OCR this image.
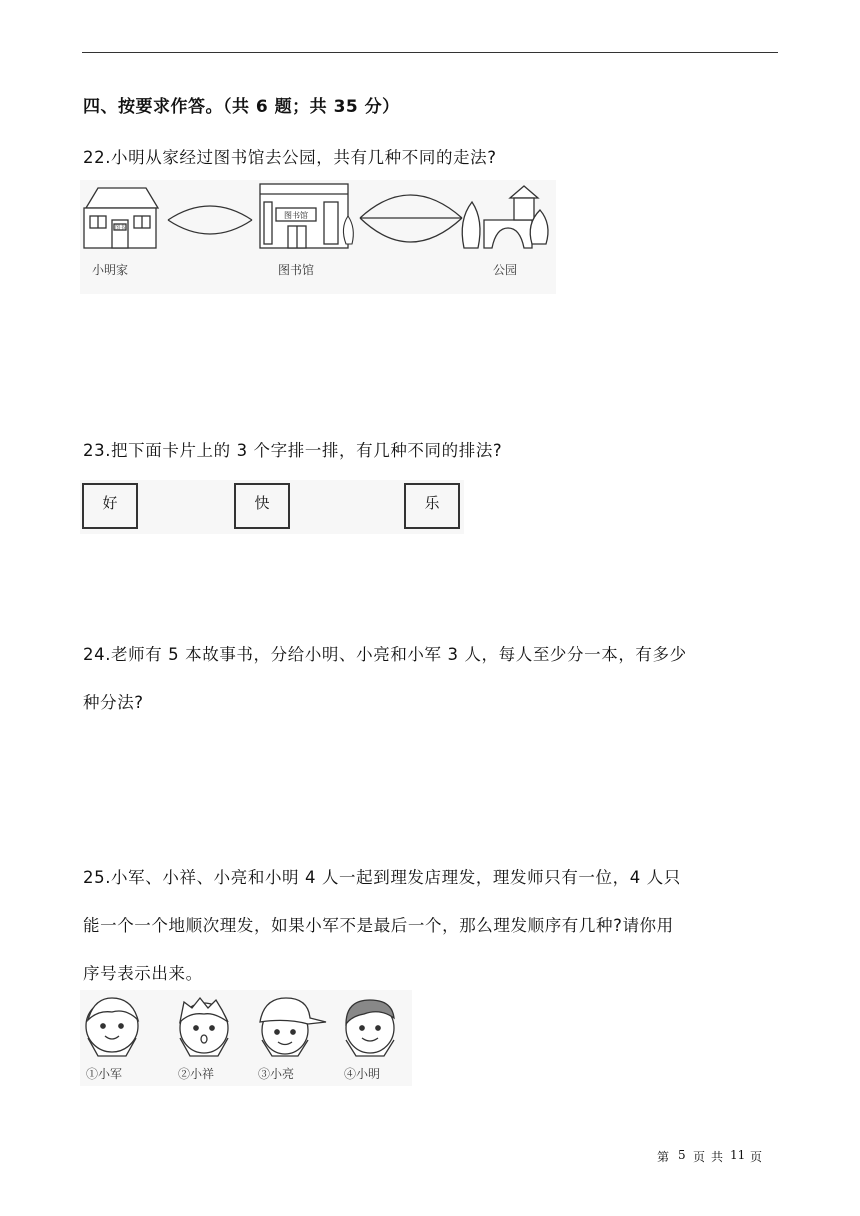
四、按要求作答。（共 6 题；共 35 分）
22.小明从家经过图书馆去公园，共有几种不同的走法?
图书
小明家
图书馆
图书馆	公园
23.把下面卡片上的 3 个字排一排，有几种不同的排法?
好	快	乐
24.老师有 5 本故事书，分给小明、小亮和小军 3 人，每人至少分一本，有多少
种分法?
25.小军、小祥、小亮和小明 4 人一起到理发店理发，理发师只有一位，4 人只
能一个一个地顺次理发，如果小军不是最后一个，那么理发顺序有几种?请你用
序号表示出来。
①小军	②小祥	③小亮	④小明
第 5 页 共 11 页
